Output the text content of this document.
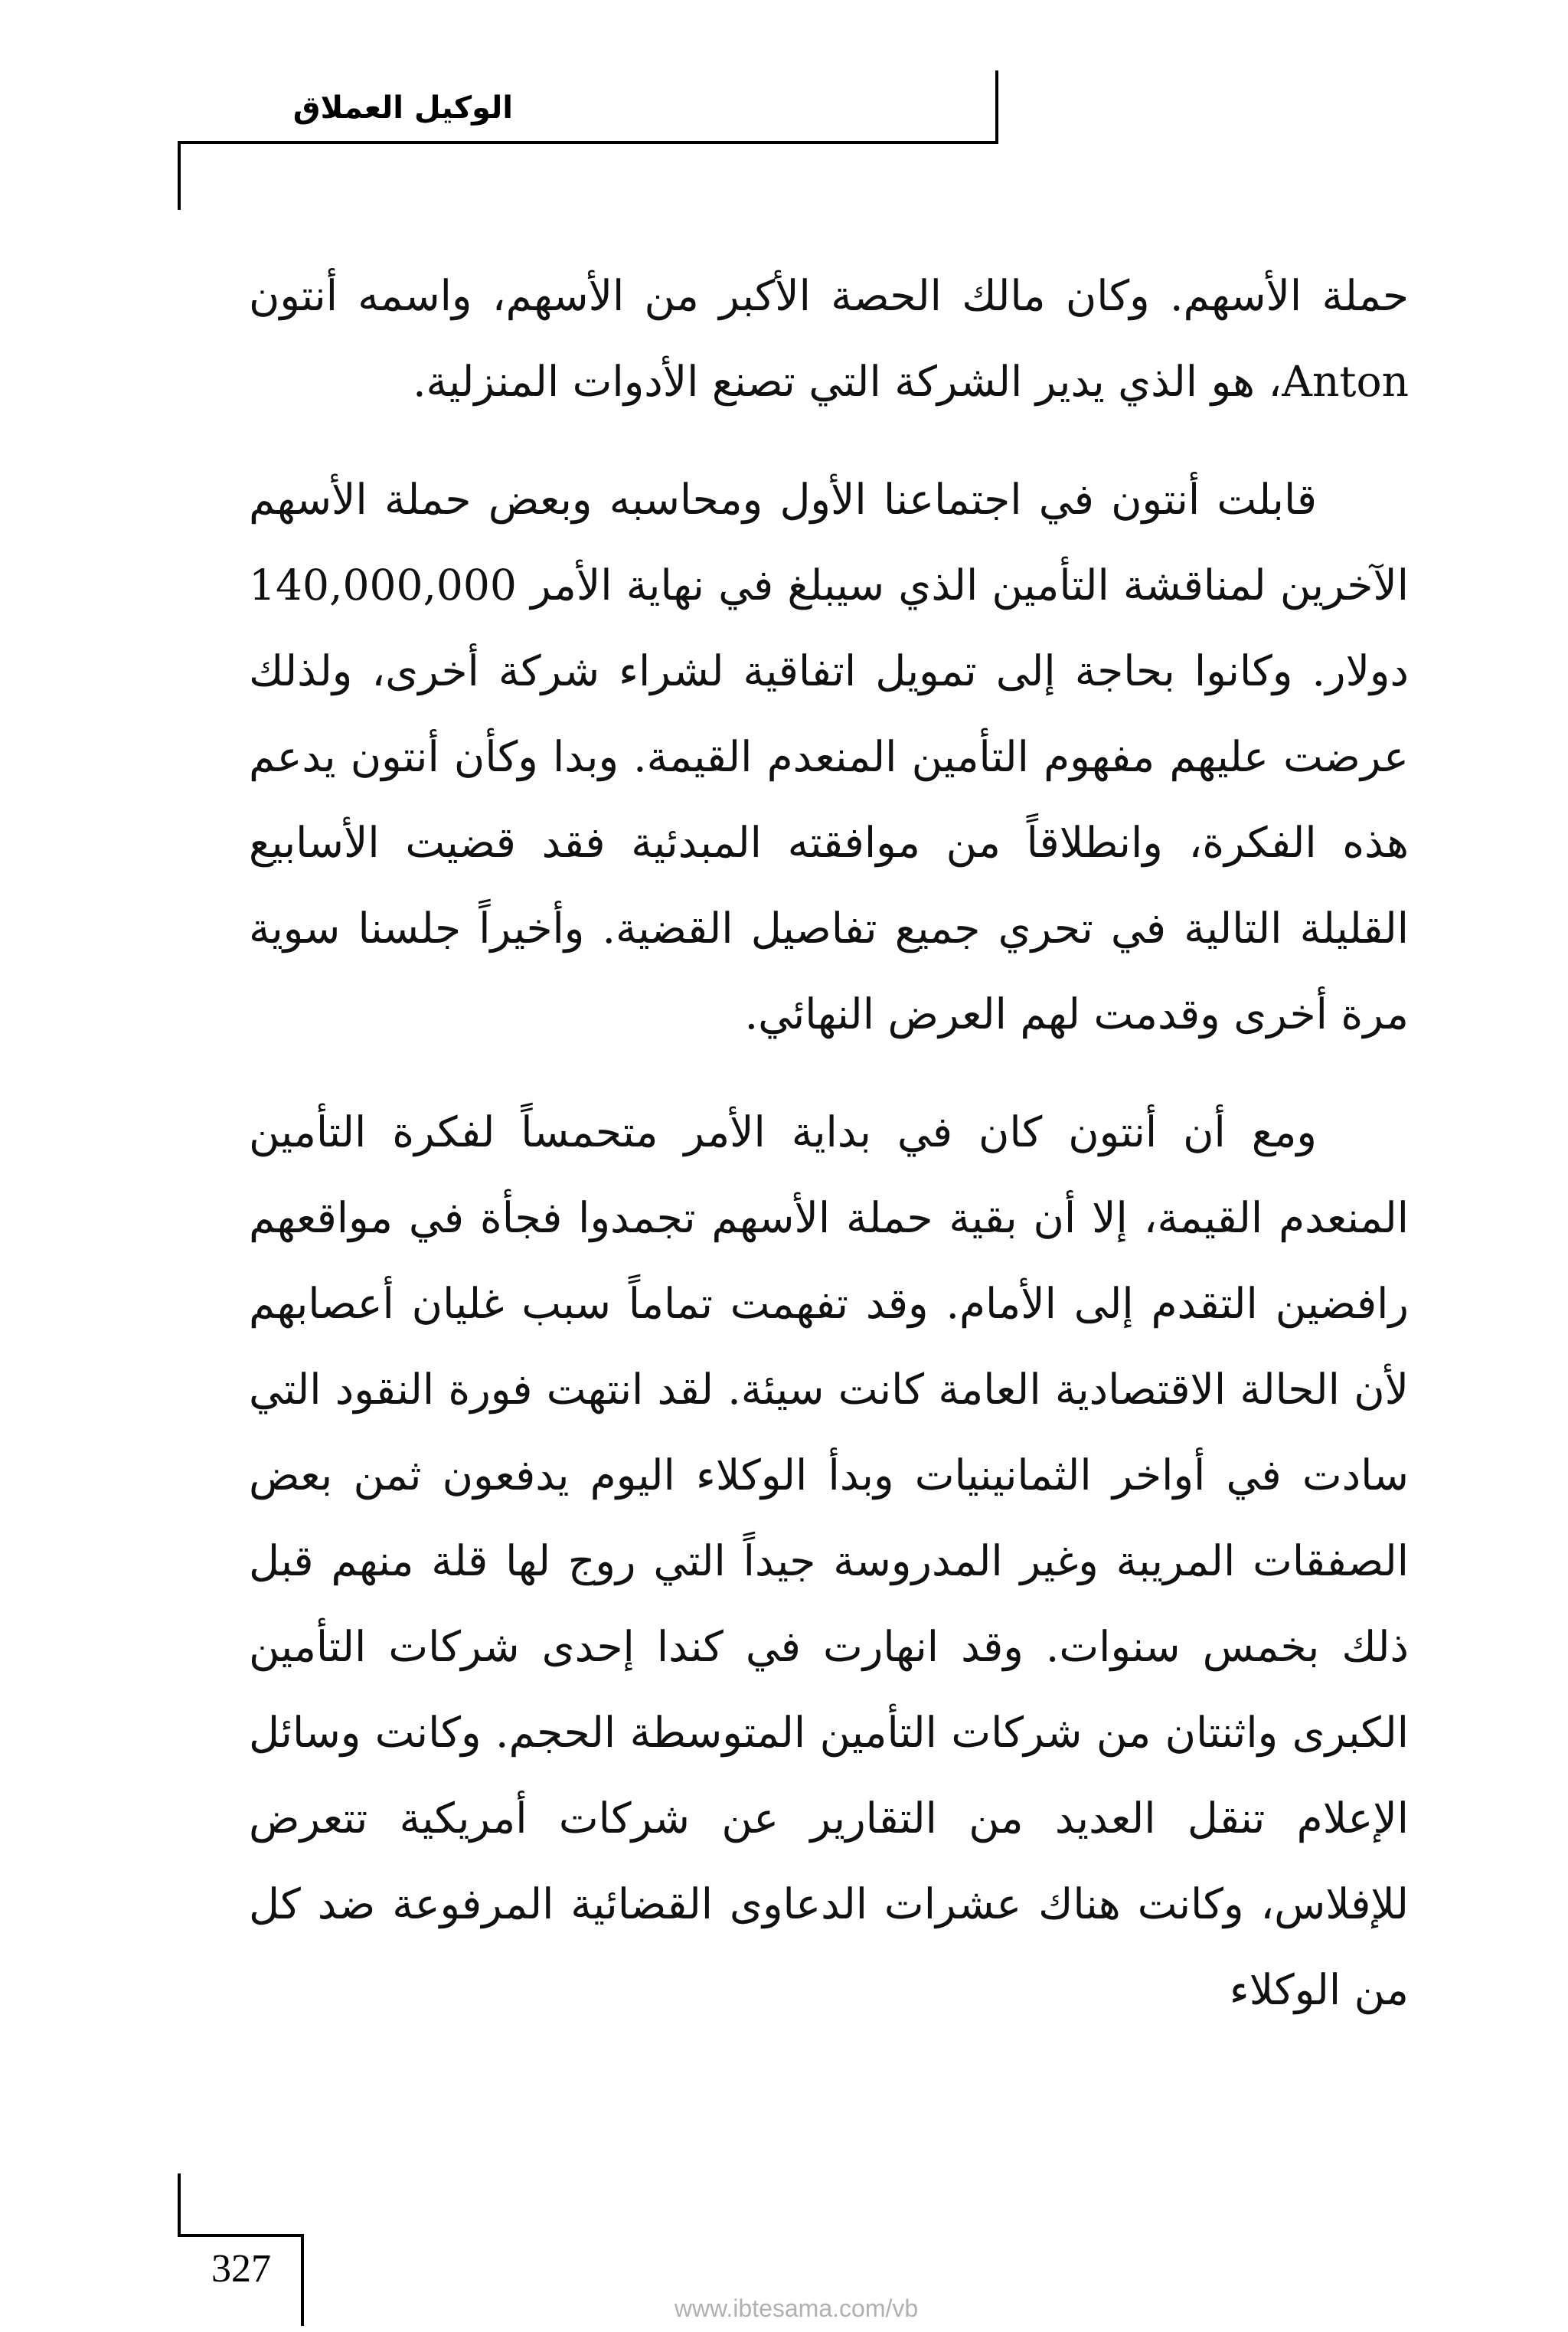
الوكيل العملاق

حملة الأسهم. وكان مالك الحصة الأكبر من الأسهم، واسمه أنتون Anton، هو الذي يدير الشركة التي تصنع الأدوات المنزلية.

قابلت أنتون في اجتماعنا الأول ومحاسبه وبعض حملة الأسهم الآخرين لمناقشة التأمين الذي سيبلغ في نهاية الأمر 140,000,000 دولار. وكانوا بحاجة إلى تمويل اتفاقية لشراء شركة أخرى، ولذلك عرضت عليهم مفهوم التأمين المنعدم القيمة. وبدا وكأن أنتون يدعم هذه الفكرة، وانطلاقاً من موافقته المبدئية فقد قضيت الأسابيع القليلة التالية في تحري جميع تفاصيل القضية. وأخيراً جلسنا سوية مرة أخرى وقدمت لهم العرض النهائي.

ومع أن أنتون كان في بداية الأمر متحمساً لفكرة التأمين المنعدم القيمة، إلا أن بقية حملة الأسهم تجمدوا فجأة في مواقعهم رافضين التقدم إلى الأمام. وقد تفهمت تماماً سبب غليان أعصابهم لأن الحالة الاقتصادية العامة كانت سيئة. لقد انتهت فورة النقود التي سادت في أواخر الثمانينيات وبدأ الوكلاء اليوم يدفعون ثمن بعض الصفقات المريبة وغير المدروسة جيداً التي روج لها قلة منهم قبل ذلك بخمس سنوات. وقد انهارت في كندا إحدى شركات التأمين الكبرى واثنتان من شركات التأمين المتوسطة الحجم. وكانت وسائل الإعلام تنقل العديد من التقارير عن شركات أمريكية تتعرض للإفلاس، وكانت هناك عشرات الدعاوى القضائية المرفوعة ضد كل من الوكلاء

327
www.ibtesama.com/vb
